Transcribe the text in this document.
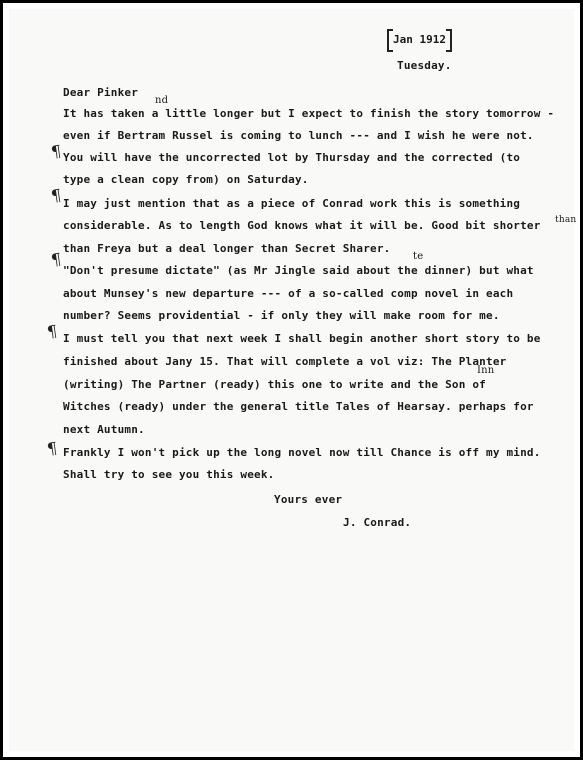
Jan 1912
Tuesday.
Dear Pinker
nd
te
Inn
than
¶
¶
¶
¶
¶
It has taken a little longer but I expect to finish the story tomorrow -
even if Bertram Russel is coming to lunch --- and I wish he were not.
You will have the uncorrected lot by Thursday and the corrected (to
type a clean copy from) on Saturday.
I may just mention that as a piece of Conrad work this is something
considerable. As to length God knows what it will be. Good bit shorter
than Freya but a deal longer than Secret Sharer.
"Don't presume dictate" (as Mr Jingle said about the dinner) but what
about Munsey's new departure --- of a so-called comp novel in each
number? Seems providential - if only they will make room for me.
I must tell you that next week I shall begin another short story to be
finished about Jany 15. That will complete a vol viz: The Planter
(writing) The Partner (ready) this one to write and the Son of
Witches (ready) under the general title Tales of Hearsay. perhaps for
next Autumn.
Frankly I won't pick up the long novel now till Chance is off my mind.
Shall try to see you this week.
Yours ever
J. Conrad.
